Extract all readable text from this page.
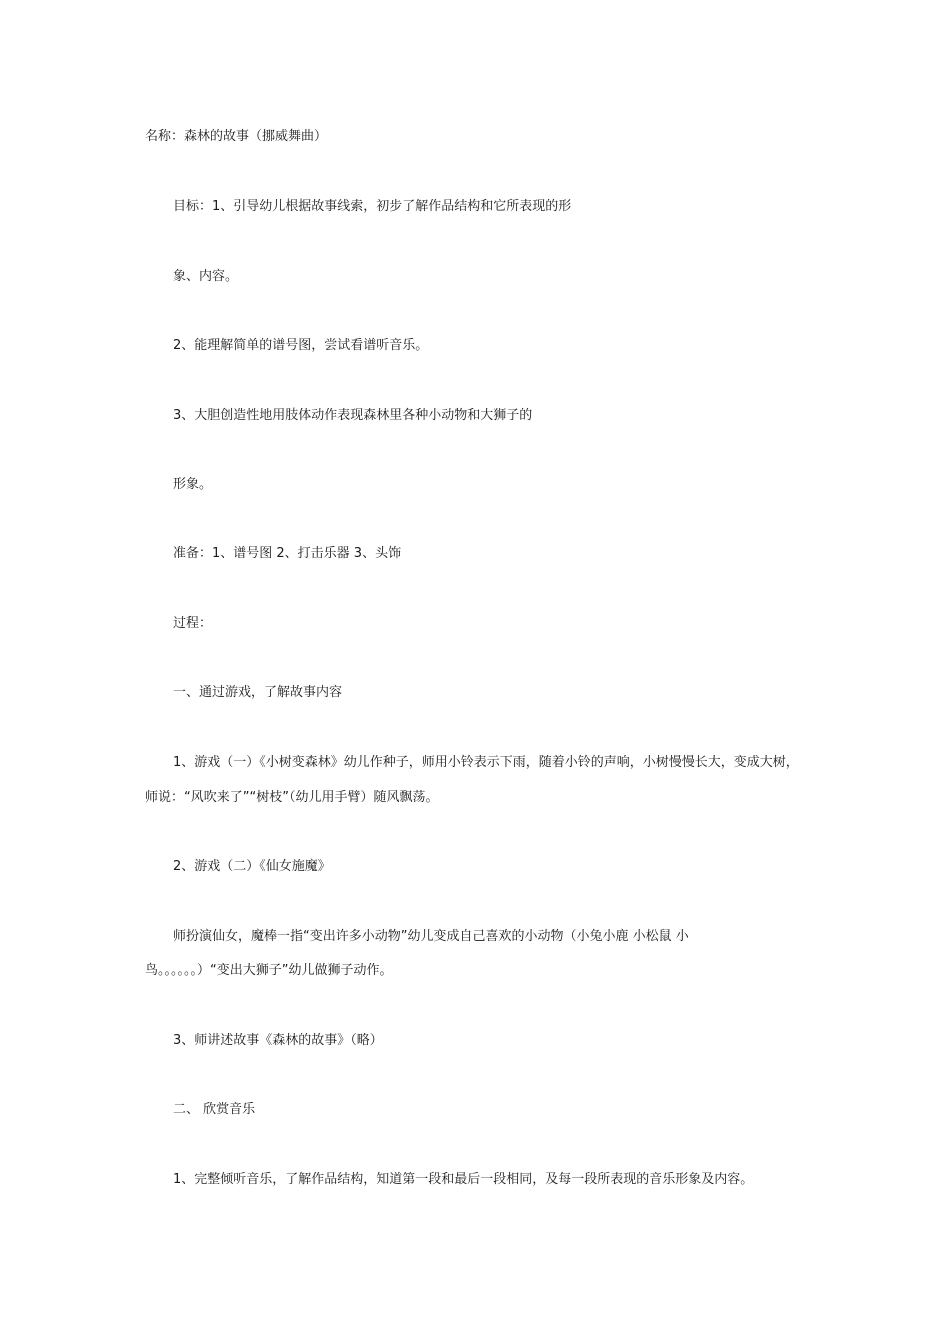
名称：森林的故事（挪威舞曲）
目标：1、引导幼儿根据故事线索，初步了解作品结构和它所表现的形
象、内容。
2、能理解简单的谱号图，尝试看谱听音乐。
3、大胆创造性地用肢体动作表现森林里各种小动物和大狮子的
形象。
准备：1、谱号图 2、打击乐器 3、头饰
过程：
一、通过游戏，了解故事内容
1、游戏（一）《小树变森林》幼儿作种子，师用小铃表示下雨，随着小铃的声响，小树慢慢长大，变成大树，
师说：“风吹来了”“树枝”（幼儿用手臂）随风飘荡。
2、游戏（二）《仙女施魔》
师扮演仙女，魔棒一指“变出许多小动物”幼儿变成自己喜欢的小动物（小兔小鹿 小松鼠 小
鸟。。。。。。）“变出大狮子”幼儿做狮子动作。
3、师讲述故事《森林的故事》（略）
二、 欣赏音乐
1、完整倾听音乐，了解作品结构，知道第一段和最后一段相同，及每一段所表现的音乐形象及内容。
